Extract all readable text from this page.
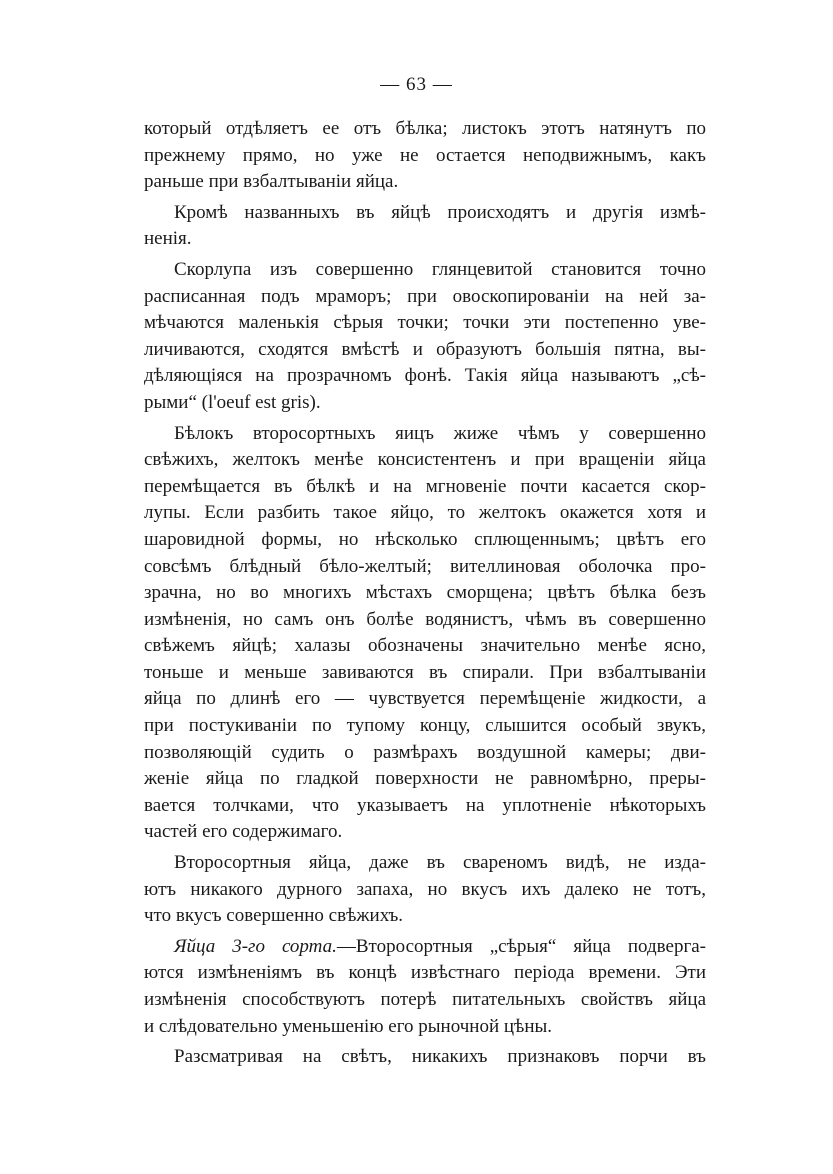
— 63 —
который отдѣляетъ ее отъ бѣлка; листокъ этотъ натянутъ по
прежнему прямо, но уже не остается неподвижнымъ, какъ
раньше при взбалтываніи яйца.
Кромѣ названныхъ въ яйцѣ происходятъ и другія измѣ-
ненія.
Скорлупа изъ совершенно глянцевитой становится точно
расписанная подъ мраморъ; при овоскопированіи на ней за-
мѣчаются маленькія сѣрыя точки; точки эти постепенно уве-
личиваются, сходятся вмѣстѣ и образуютъ большія пятна, вы-
дѣляющіяся на прозрачномъ фонѣ. Такія яйца называютъ „сѣ-
рыми“ (l'oeuf est gris).
Бѣлокъ второсортныхъ яицъ жиже чѣмъ у совершенно
свѣжихъ, желтокъ менѣе консистентенъ и при вращеніи яйца
перемѣщается въ бѣлкѣ и на мгновеніе почти касается скор-
лупы. Если разбить такое яйцо, то желтокъ окажется хотя и
шаровидной формы, но нѣсколько сплющеннымъ; цвѣтъ его
совсѣмъ блѣдный бѣло-желтый; вителлиновая оболочка про-
зрачна, но во многихъ мѣстахъ сморщена; цвѣтъ бѣлка безъ
измѣненія, но самъ онъ болѣе водянистъ, чѣмъ въ совершенно
свѣжемъ яйцѣ; халазы обозначены значительно менѣе ясно,
тоньше и меньше завиваются въ спирали. При взбалтываніи
яйца по длинѣ его — чувствуется перемѣщеніе жидкости, а
при постукиваніи по тупому концу, слышится особый звукъ,
позволяющій судить о размѣрахъ воздушной камеры; дви-
женіе яйца по гладкой поверхности не равномѣрно, преры-
вается толчками, что указываетъ на уплотненіе нѣкоторыхъ
частей его содержимаго.
Второсортныя яйца, даже въ свареномъ видѣ, не изда-
ютъ никакого дурного запаха, но вкусъ ихъ далеко не тотъ,
что вкусъ совершенно свѣжихъ.
Яйца 3-го сорта.—Второсортныя „сѣрыя“ яйца подверга-
ются измѣненіямъ въ концѣ извѣстнаго періода времени. Эти
измѣненія способствуютъ потерѣ питательныхъ свойствъ яйца
и слѣдовательно уменьшенію его рыночной цѣны.
Разсматривая на свѣтъ, никакихъ признаковъ порчи въ
